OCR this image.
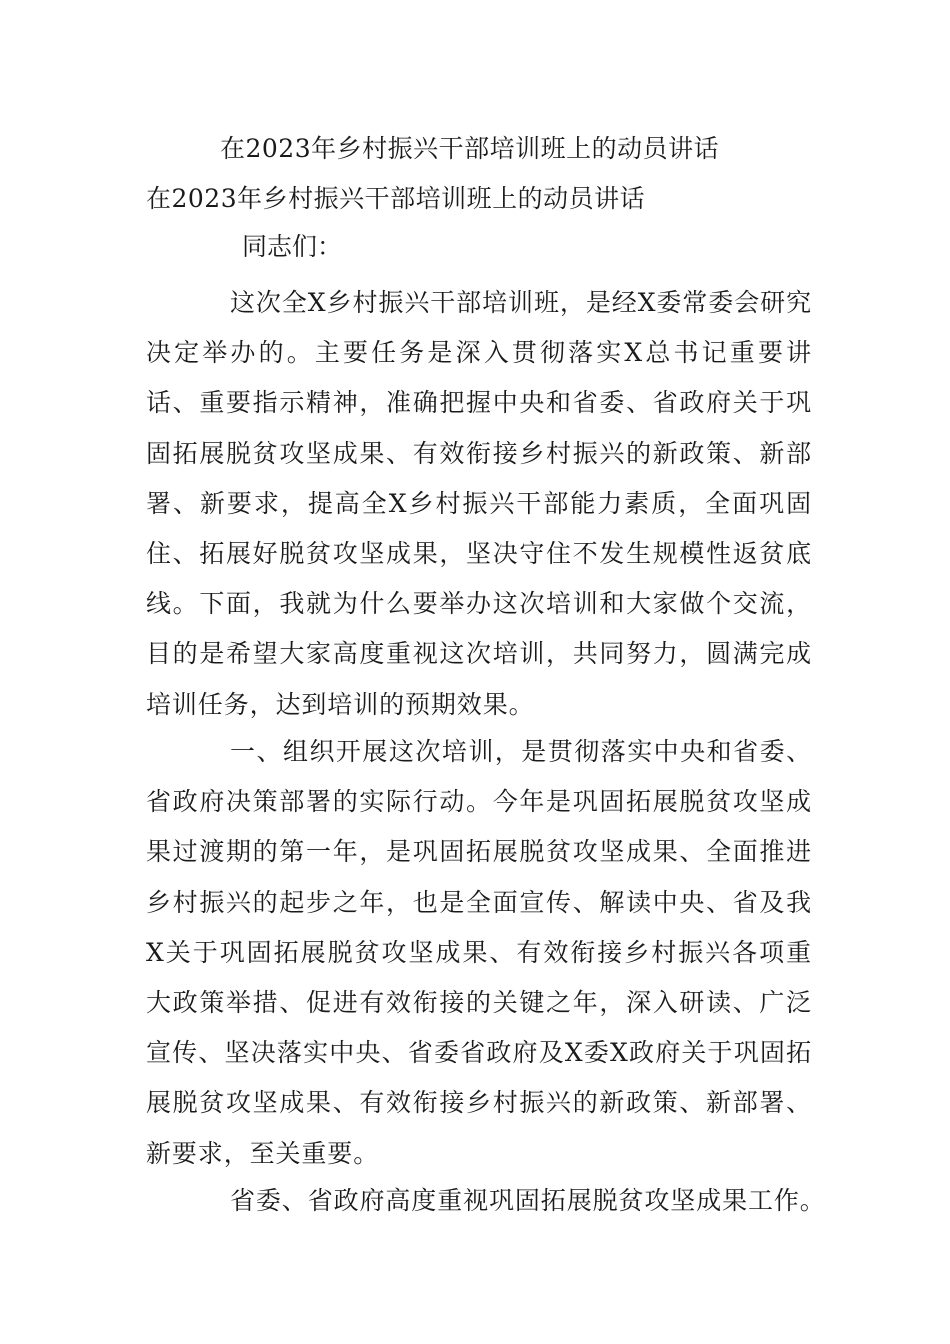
在2023年乡村振兴干部培训班上的动员讲话
在2023年乡村振兴干部培训班上的动员讲话
同志们：
这次全X乡村振兴干部培训班，是经X委常委会研究决定举办的。主要任务是深入贯彻落实X总书记重要讲话、重要指示精神，准确把握中央和省委、省政府关于巩固拓展脱贫攻坚成果、有效衔接乡村振兴的新政策、新部署、新要求，提高全X乡村振兴干部能力素质，全面巩固住、拓展好脱贫攻坚成果，坚决守住不发生规模性返贫底线。下面，我就为什么要举办这次培训和大家做个交流，目的是希望大家高度重视这次培训，共同努力，圆满完成培训任务，达到培训的预期效果。
一、组织开展这次培训，是贯彻落实中央和省委、省政府决策部署的实际行动。今年是巩固拓展脱贫攻坚成果过渡期的第一年，是巩固拓展脱贫攻坚成果、全面推进乡村振兴的起步之年，也是全面宣传、解读中央、省及我X关于巩固拓展脱贫攻坚成果、有效衔接乡村振兴各项重大政策举措、促进有效衔接的关键之年，深入研读、广泛宣传、坚决落实中央、省委省政府及X委X政府关于巩固拓展脱贫攻坚成果、有效衔接乡村振兴的新政策、新部署、新要求，至关重要。
省委、省政府高度重视巩固拓展脱贫攻坚成果工作。
